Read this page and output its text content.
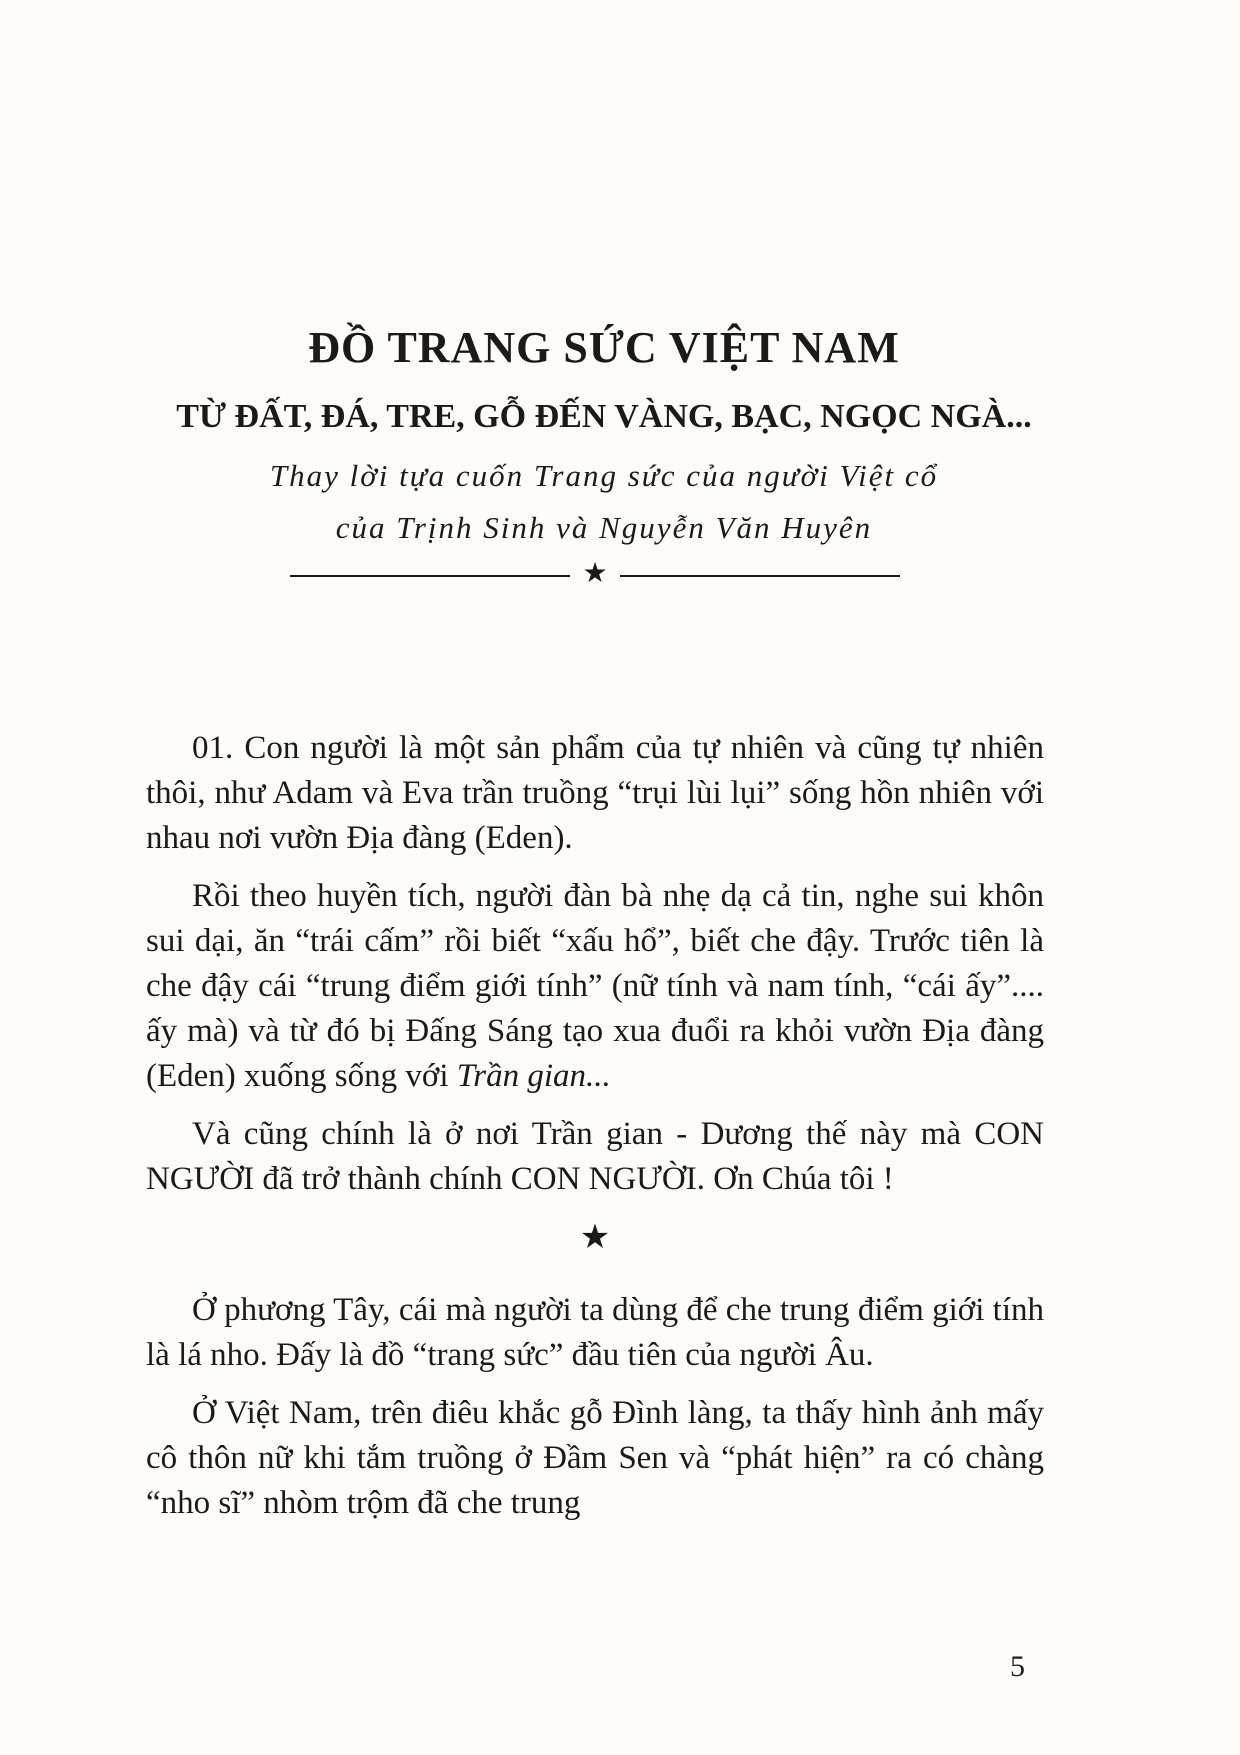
ĐỒ TRANG SỨC VIỆT NAM
TỪ ĐẤT, ĐÁ, TRE, GỖ ĐẾN VÀNG, BẠC, NGỌC NGÀ...

Thay lời tựa cuốn Trang sức của người Việt cổ

của Trịnh Sinh và Nguyễn Văn Huyên

★

01. Con người là một sản phẩm của tự nhiên và cũng tự nhiên thôi, như Adam và Eva trần truồng “trụi lùi lụi” sống hồn nhiên với nhau nơi vườn Địa đàng (Eden).

Rồi theo huyền tích, người đàn bà nhẹ dạ cả tin, nghe sui khôn sui dại, ăn “trái cấm” rồi biết “xấu hổ”, biết che đậy. Trước tiên là che đậy cái “trung điểm giới tính” (nữ tính và nam tính, “cái ấy”.... ấy mà) và từ đó bị Đấng Sáng tạo xua đuổi ra khỏi vườn Địa đàng (Eden) xuống sống với Trần gian...

Và cũng chính là ở nơi Trần gian - Dương thế này mà CON NGƯỜI đã trở thành chính CON NGƯỜI. Ơn Chúa tôi !

★

Ở phương Tây, cái mà người ta dùng để che trung điểm giới tính là lá nho. Đấy là đồ “trang sức” đầu tiên của người Âu.

Ở Việt Nam, trên điêu khắc gỗ Đình làng, ta thấy hình ảnh mấy cô thôn nữ khi tắm truồng ở Đầm Sen và “phát hiện” ra có chàng “nho sĩ” nhòm trộm đã che trung

5
